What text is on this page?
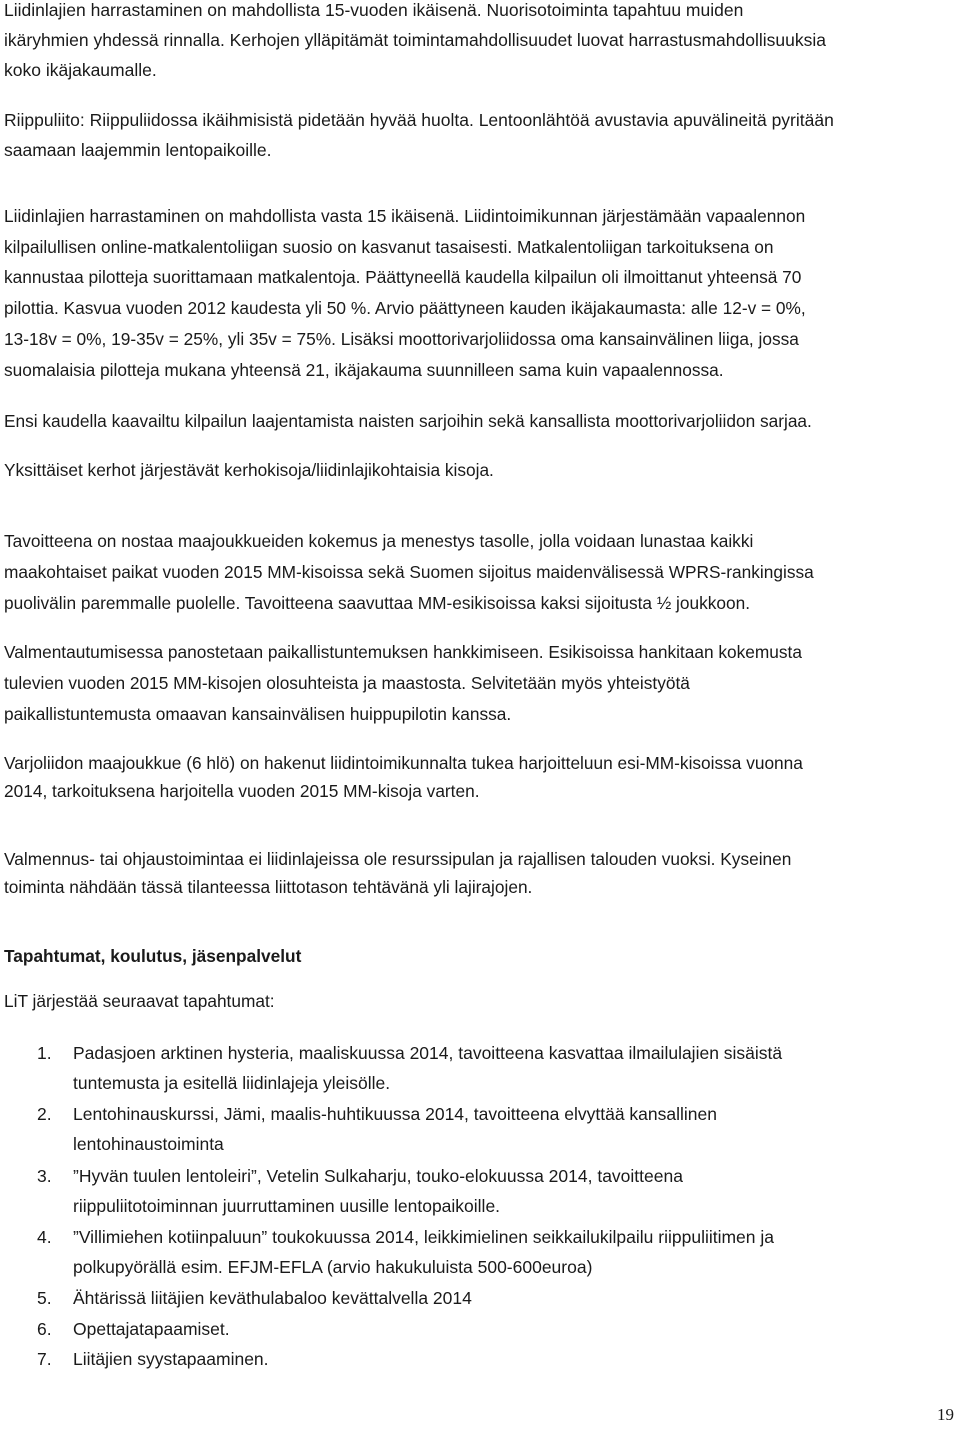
Liidinlajien harrastaminen on mahdollista 15-vuoden ikäisenä. Nuorisotoiminta tapahtuu muiden
ikäryhmien yhdessä rinnalla. Kerhojen ylläpitämät toimintamahdollisuudet luovat harrastusmahdollisuuksia
koko ikäjakaumalle.
Riippuliito: Riippuliidossa ikäihmisistä pidetään hyvää huolta. Lentoonlähtöä avustavia apuvälineitä pyritään
saamaan laajemmin lentopaikoille.
Liidinlajien harrastaminen on mahdollista vasta 15 ikäisenä. Liidintoimikunnan järjestämään vapaalennon
kilpailullisen online-matkalentoliigan suosio on kasvanut tasaisesti. Matkalentoliigan tarkoituksena on
kannustaa pilotteja suorittamaan matkalentoja. Päättyneellä kaudella kilpailun oli ilmoittanut yhteensä 70
pilottia. Kasvua vuoden 2012 kaudesta yli 50 %. Arvio päättyneen kauden ikäjakaumasta: alle 12-v = 0%,
13-18v = 0%, 19-35v = 25%, yli 35v = 75%. Lisäksi moottorivarjoliidossa oma kansainvälinen liiga, jossa
suomalaisia pilotteja mukana yhteensä 21, ikäjakauma suunnilleen sama kuin vapaalennossa.
Ensi kaudella kaavailtu kilpailun laajentamista naisten sarjoihin sekä kansallista moottorivarjoliidon sarjaa.
Yksittäiset kerhot järjestävät kerhokisoja/liidinlajikohtaisia kisoja.
Tavoitteena on nostaa maajoukkueiden kokemus ja menestys tasolle, jolla voidaan lunastaa kaikki
maakohtaiset paikat vuoden 2015 MM-kisoissa sekä Suomen sijoitus maidenvälisessä WPRS-rankingissa
puolivälin paremmalle puolelle. Tavoitteena saavuttaa MM-esikisoissa kaksi sijoitusta ½ joukkoon.
Valmentautumisessa panostetaan paikallistuntemuksen hankkimiseen. Esikisoissa hankitaan kokemusta
tulevien vuoden 2015 MM-kisojen olosuhteista ja maastosta. Selvitetään myös yhteistyötä
paikallistuntemusta omaavan kansainvälisen huippupilotin kanssa.
Varjoliidon maajoukkue (6 hlö) on hakenut liidintoimikunnalta tukea harjoitteluun esi-MM-kisoissa vuonna
2014, tarkoituksena harjoitella vuoden 2015 MM-kisoja varten.
Valmennus- tai ohjaustoimintaa ei liidinlajeissa ole resurssipulan ja rajallisen talouden vuoksi. Kyseinen
toiminta nähdään tässä tilanteessa liittotason tehtävänä yli lajirajojen.
Tapahtumat, koulutus, jäsenpalvelut
LiT järjestää seuraavat tapahtumat:
1. Padasjoen arktinen hysteria, maaliskuussa 2014, tavoitteena kasvattaa ilmailulajien sisäistä
tuntemusta ja esitellä liidinlajeja yleisölle.
2. Lentohinauskurssi, Jämi, maalis-huhtikuussa 2014, tavoitteena elvyttää kansallinen
lentohinaustoiminta
3. ”Hyvän tuulen lentoleiri”, Vetelin Sulkaharju, touko-elokuussa 2014, tavoitteena
riippuliitotoiminnan juurruttaminen uusille lentopaikoille.
4. ”Villimiehen kotiinpaluun” toukokuussa 2014, leikkimielinen seikkailukilpailu riippuliitimen ja
polkupyörällä esim. EFJM-EFLA (arvio hakukuluista 500-600euroa)
5. Ähtärissä liitäjien keväthulabaloo kevättalvella 2014
6. Opettajatapaamiset.
7. Liitäjien syystapaaminen.
19
